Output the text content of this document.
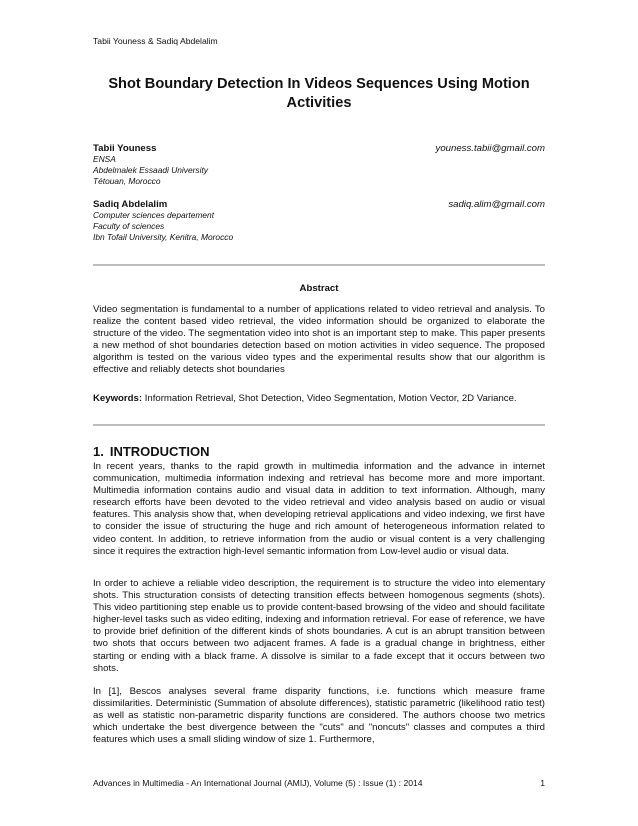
Tabii Youness & Sadiq Abdelalim
Shot Boundary Detection In Videos Sequences Using Motion Activities
Tabii Youness	youness.tabii@gmail.com
ENSA
Abdelmalek Essaadi University
Tétouan, Morocco
Sadiq Abdelalim	sadiq.alim@gmail.com
Computer sciences departement
Faculty of sciences
Ibn Tofail University, Kenitra, Morocco
Abstract
Video segmentation is fundamental to a number of applications related to video retrieval and analysis. To realize the content based video retrieval, the video information should be organized to elaborate the structure of the video. The segmentation video into shot is an important step to make. This paper presents a new method of shot boundaries detection based on motion activities in video sequence. The proposed algorithm is tested on the various video types and the experimental results show that our algorithm is effective and reliably detects shot boundaries
Keywords: Information Retrieval, Shot Detection, Video Segmentation, Motion Vector, 2D Variance.
1. INTRODUCTION
In recent years, thanks to the rapid growth in multimedia information and the advance in internet communication, multimedia information indexing and retrieval has become more and more important. Multimedia information contains audio and visual data in addition to text information. Although, many research efforts have been devoted to the video retrieval and video analysis based on audio or visual features. This analysis show that, when developing retrieval applications and video indexing, we first have to consider the issue of structuring the huge and rich amount of heterogeneous information related to video content. In addition, to retrieve information from the audio or visual content is a very challenging since it requires the extraction high-level semantic information from Low-level audio or visual data.
In order to achieve a reliable video description, the requirement is to structure the video into elementary shots. This structuration consists of detecting transition effects between homogenous segments (shots). This video partitioning step enable us to provide content-based browsing of the video and should facilitate higher-level tasks such as video editing, indexing and information retrieval. For ease of reference, we have to provide brief definition of the different kinds of shots boundaries. A cut is an abrupt transition between two shots that occurs between two adjacent frames. A fade is a gradual change in brightness, either starting or ending with a black frame. A dissolve is similar to a fade except that it occurs between two shots.
In [1], Bescos analyses several frame disparity functions, i.e. functions which measure frame dissimilarities. Deterministic (Summation of absolute differences), statistic parametric (likelihood ratio test) as well as statistic non-parametric disparity functions are considered. The authors choose two metrics which undertake the best divergence between the "cuts" and "noncuts" classes and computes a third features which uses a small sliding window of size 1. Furthermore,
Advances in Multimedia - An International Journal (AMIJ), Volume (5) : Issue (1) : 2014	1
